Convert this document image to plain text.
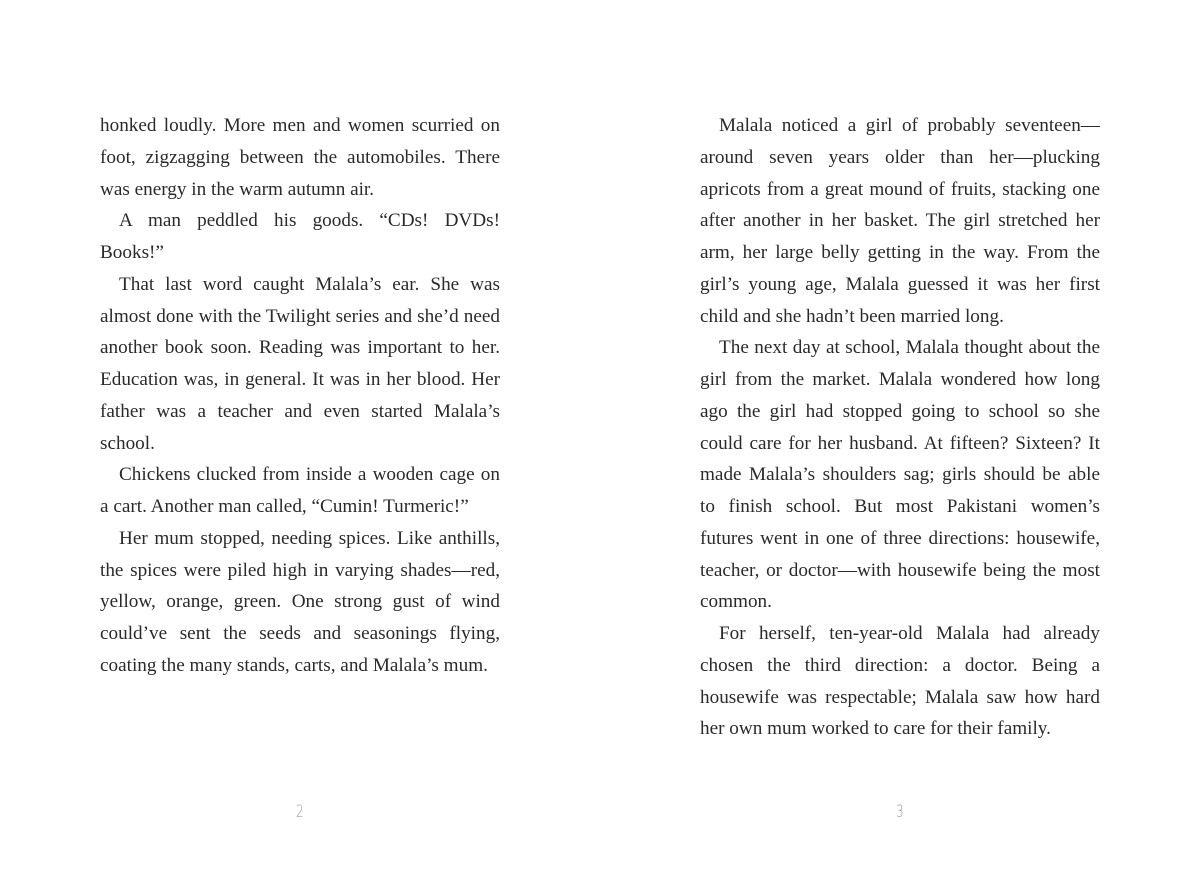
honked loudly. More men and women scurried on foot, zigzagging between the automobiles. There was energy in the warm autumn air.

A man peddled his goods. “CDs! DVDs! Books!”

That last word caught Malala’s ear. She was almost done with the Twilight series and she’d need another book soon. Reading was important to her. Education was, in general. It was in her blood. Her father was a teacher and even started Malala’s school.

Chickens clucked from inside a wooden cage on a cart. Another man called, “Cumin! Turmeric!”

Her mum stopped, needing spices. Like anthills, the spices were piled high in varying shades—red, yellow, orange, green. One strong gust of wind could’ve sent the seeds and seasonings flying, coating the many stands, carts, and Malala’s mum.

Malala noticed a girl of probably seventeen—around seven years older than her—plucking apricots from a great mound of fruits, stacking one after another in her basket. The girl stretched her arm, her large belly getting in the way. From the girl’s young age, Malala guessed it was her first child and she hadn’t been married long.

The next day at school, Malala thought about the girl from the market. Malala wondered how long ago the girl had stopped going to school so she could care for her husband. At fifteen? Sixteen? It made Malala’s shoulders sag; girls should be able to finish school. But most Pakistani women’s futures went in one of three directions: housewife, teacher, or doctor—with housewife being the most common.

For herself, ten-year-old Malala had already chosen the third direction: a doctor. Being a housewife was respectable; Malala saw how hard her own mum worked to care for their family.

2	3
